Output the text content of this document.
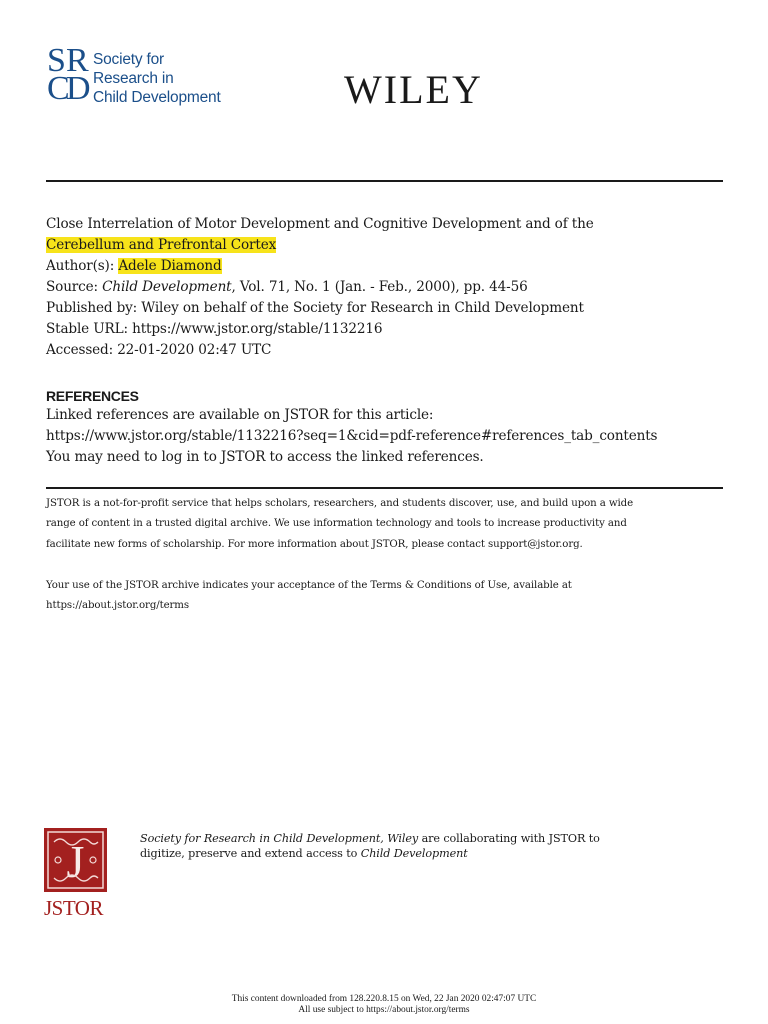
S R
C
D
Society for
Research in
Child Development	WILEY
Close Interrelation of Motor Development and Cognitive Development and of the
Cerebellum and Prefrontal Cortex
Author(s): Adele Diamond
Source: Child Development, Vol. 71, No. 1 (Jan. - Feb., 2000), pp. 44-56
Published by: Wiley on behalf of the Society for Research in Child Development
Stable URL: https://www.jstor.org/stable/1132216
Accessed: 22-01-2020 02:47 UTC
REFERENCES
Linked references are available on JSTOR for this article:
https://www.jstor.org/stable/1132216?seq=1&cid=pdf-reference#references_tab_contents
You may need to log in to JSTOR to access the linked references.
JSTOR is a not-for-profit service that helps scholars, researchers, and students discover, use, and build upon a wide
range of content in a trusted digital archive. We use information technology and tools to increase productivity and
facilitate new forms of scholarship. For more information about JSTOR, please contact support@jstor.org.
Your use of the JSTOR archive indicates your acceptance of the Terms & Conditions of Use, available at
https://about.jstor.org/terms
J
JSTOR
Society for Research in Child Development, Wiley are collaborating with JSTOR to
digitize, preserve and extend access to Child Development
This content downloaded from 128.220.8.15 on Wed, 22 Jan 2020 02:47:07 UTC
All use subject to https://about.jstor.org/terms
